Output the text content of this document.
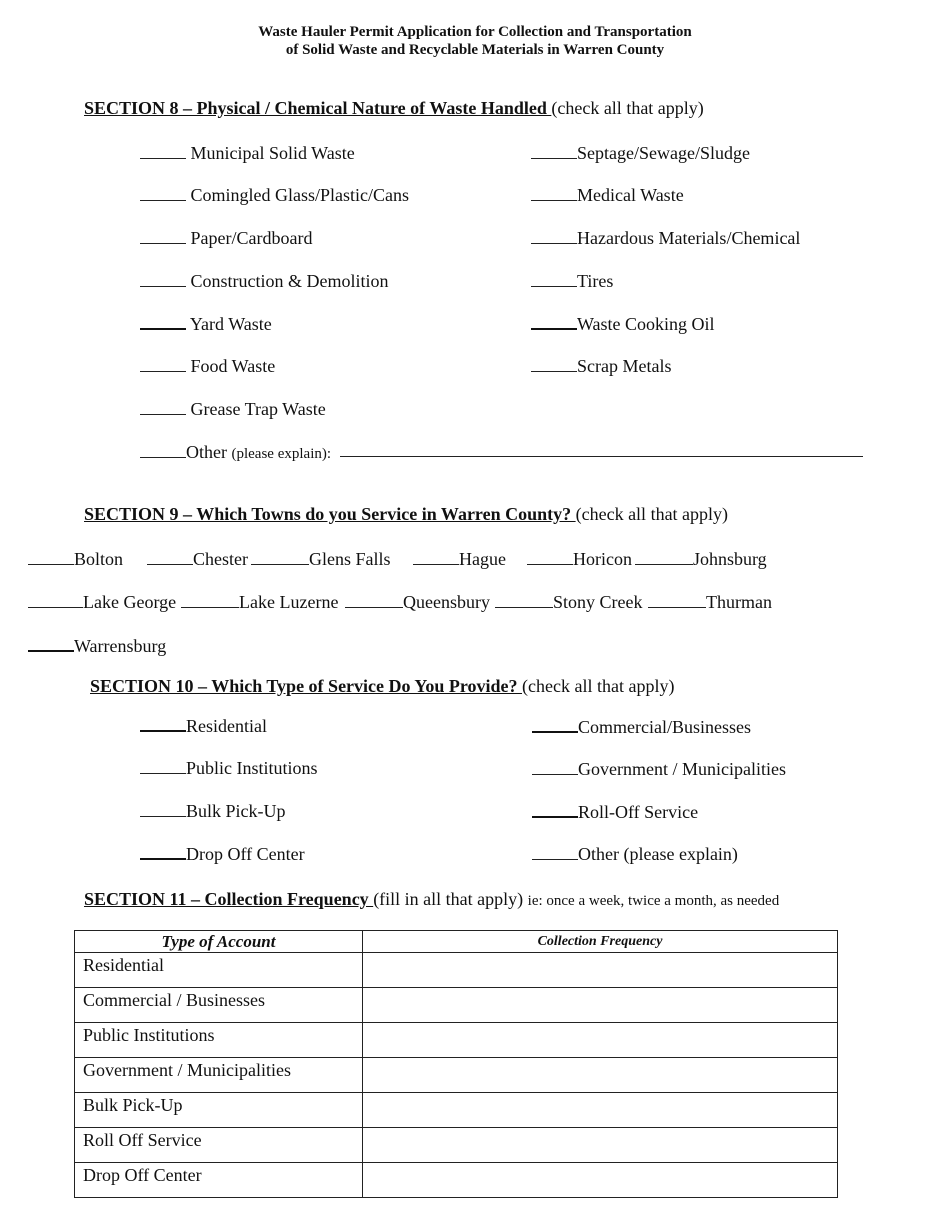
Waste Hauler Permit Application for Collection and Transportation
of Solid Waste and Recyclable Materials in Warren County
SECTION 8 – Physical / Chemical Nature of Waste Handled (check all that apply)
Municipal Solid Waste
Comingled Glass/Plastic/Cans
Paper/Cardboard
Construction & Demolition
Yard Waste
Food Waste
Grease Trap Waste
Septage/Sewage/Sludge
Medical Waste
Hazardous Materials/Chemical
Tires
Waste Cooking Oil
Scrap Metals
Other (please explain):
SECTION 9 – Which Towns do you Service in Warren County? (check all that apply)
Bolton	Chester	Glens Falls	Hague	Horicon	Johnsburg
Lake George	Lake Luzerne	Queensbury	Stony Creek	Thurman
Warrensburg
SECTION 10 – Which Type of Service Do You Provide? (check all that apply)
Residential
Public Institutions
Bulk Pick-Up
Drop Off Center
Commercial/Businesses
Government / Municipalities
Roll-Off Service
Other (please explain)
SECTION 11 – Collection Frequency (fill in all that apply) ie: once a week, twice a month, as needed
Type of Account	Collection Frequency
Residential	
Commercial / Businesses	
Public Institutions	
Government / Municipalities	
Bulk Pick-Up	
Roll Off Service	
Drop Off Center	
